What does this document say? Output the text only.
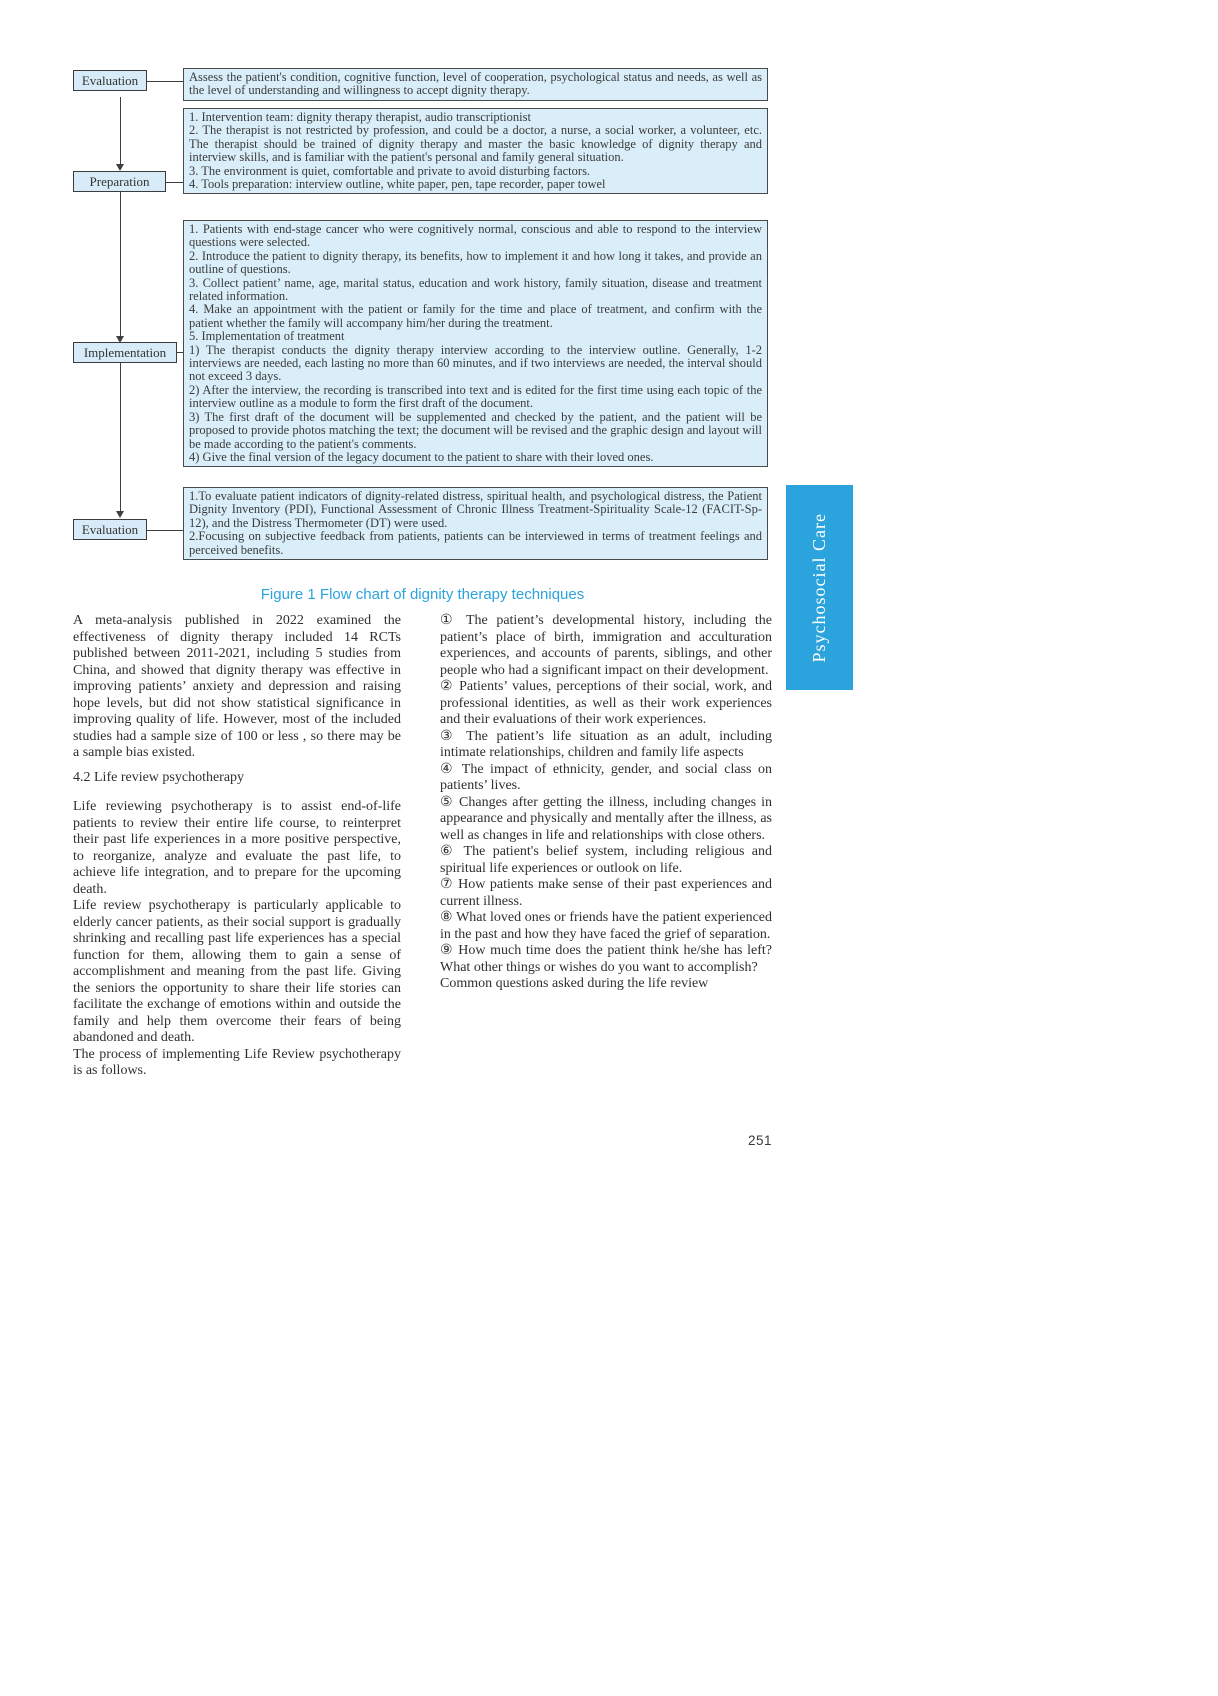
Evaluation
Preparation
Implementation
Evaluation
Assess the patient's condition, cognitive function, level of cooperation, psychological status and needs, as well as the level of understanding and willingness to accept dignity therapy.
1. Intervention team: dignity therapy therapist, audio transcriptionist
2. The therapist is not restricted by profession, and could be a doctor, a nurse, a social worker, a volunteer, etc. The therapist should be trained of dignity therapy and master the basic knowledge of dignity therapy and interview skills, and is familiar with the patient's personal and family general situation.
3. The environment is quiet, comfortable and private to avoid disturbing factors.
4. Tools preparation: interview outline, white paper, pen, tape recorder, paper towel
1. Patients with end-stage cancer who were cognitively normal, conscious and able to respond to the interview questions were selected.
2. Introduce the patient to dignity therapy, its benefits, how to implement it and how long it takes, and provide an outline of questions.
3. Collect patient’ name, age, marital status, education and work history, family situation, disease and treatment related information.
4. Make an appointment with the patient or family for the time and place of treatment, and confirm with the patient whether the family will accompany him/her during the treatment.
5. Implementation of treatment
1) The therapist conducts the dignity therapy interview according to the interview outline. Generally, 1-2 interviews are needed, each lasting no more than 60 minutes, and if two interviews are needed, the interval should not exceed 3 days.
2) After the interview, the recording is transcribed into text and is edited for the first time using each topic of the interview outline as a module to form the first draft of the document.
3) The first draft of the document will be supplemented and checked by the patient, and the patient will be proposed to provide photos matching the text; the document will be revised and the graphic design and layout will be made according to the patient's comments.
4) Give the final version of the legacy document to the patient to share with their loved ones.
1.To evaluate patient indicators of dignity-related distress, spiritual health, and psychological distress, the Patient Dignity Inventory (PDI), Functional Assessment of Chronic Illness Treatment-Spirituality Scale-12 (FACIT-Sp-12), and the Distress Thermometer (DT) were used.
2.Focusing on subjective feedback from patients, patients can be interviewed in terms of treatment feelings and perceived benefits.
Figure 1 Flow chart of dignity therapy techniques

A meta-analysis published in 2022 examined the effectiveness of dignity therapy included 14 RCTs published between 2011-2021, including 5 studies from China, and showed that dignity therapy was effective in improving patients’ anxiety and depression and raising hope levels, but did not show statistical significance in improving quality of life. However, most of the included studies had a sample size of 100 or less , so there may be a sample bias existed.

4.2 Life review psychotherapy

Life reviewing psychotherapy is to assist end-of-life patients to review their entire life course, to reinterpret their past life experiences in a more positive perspective, to reorganize, analyze and evaluate the past life, to achieve life integration, and to prepare for the upcoming death.

Life review psychotherapy is particularly applicable to elderly cancer patients, as their social support is gradually shrinking and recalling past life experiences has a special function for them, allowing them to gain a sense of accomplishment and meaning from the past life. Giving the seniors the opportunity to share their life stories can facilitate the exchange of emotions within and outside the family and help them overcome their fears of being abandoned and death.

The process of implementing Life Review psychotherapy is as follows.

① The patient’s developmental history, including the patient’s place of birth, immigration and acculturation experiences, and accounts of parents, siblings, and other people who had a significant impact on their development.

② Patients’ values, perceptions of their social, work, and professional identities, as well as their work experiences and their evaluations of their work experiences.

③ The patient’s life situation as an adult, including intimate relationships, children and family life aspects

④ The impact of ethnicity, gender, and social class on patients’ lives.

⑤ Changes after getting the illness, including changes in appearance and physically and mentally after the illness, as well as changes in life and relationships with close others.

⑥ The patient's belief system, including religious and spiritual life experiences or outlook on life.

⑦ How patients make sense of their past experiences and current illness.

⑧ What loved ones or friends have the patient experienced in the past and how they have faced the grief of separation.

⑨ How much time does the patient think he/she has left? What other things or wishes do you want to accomplish?

Common questions asked during the life review

251
Psychosocial Care
